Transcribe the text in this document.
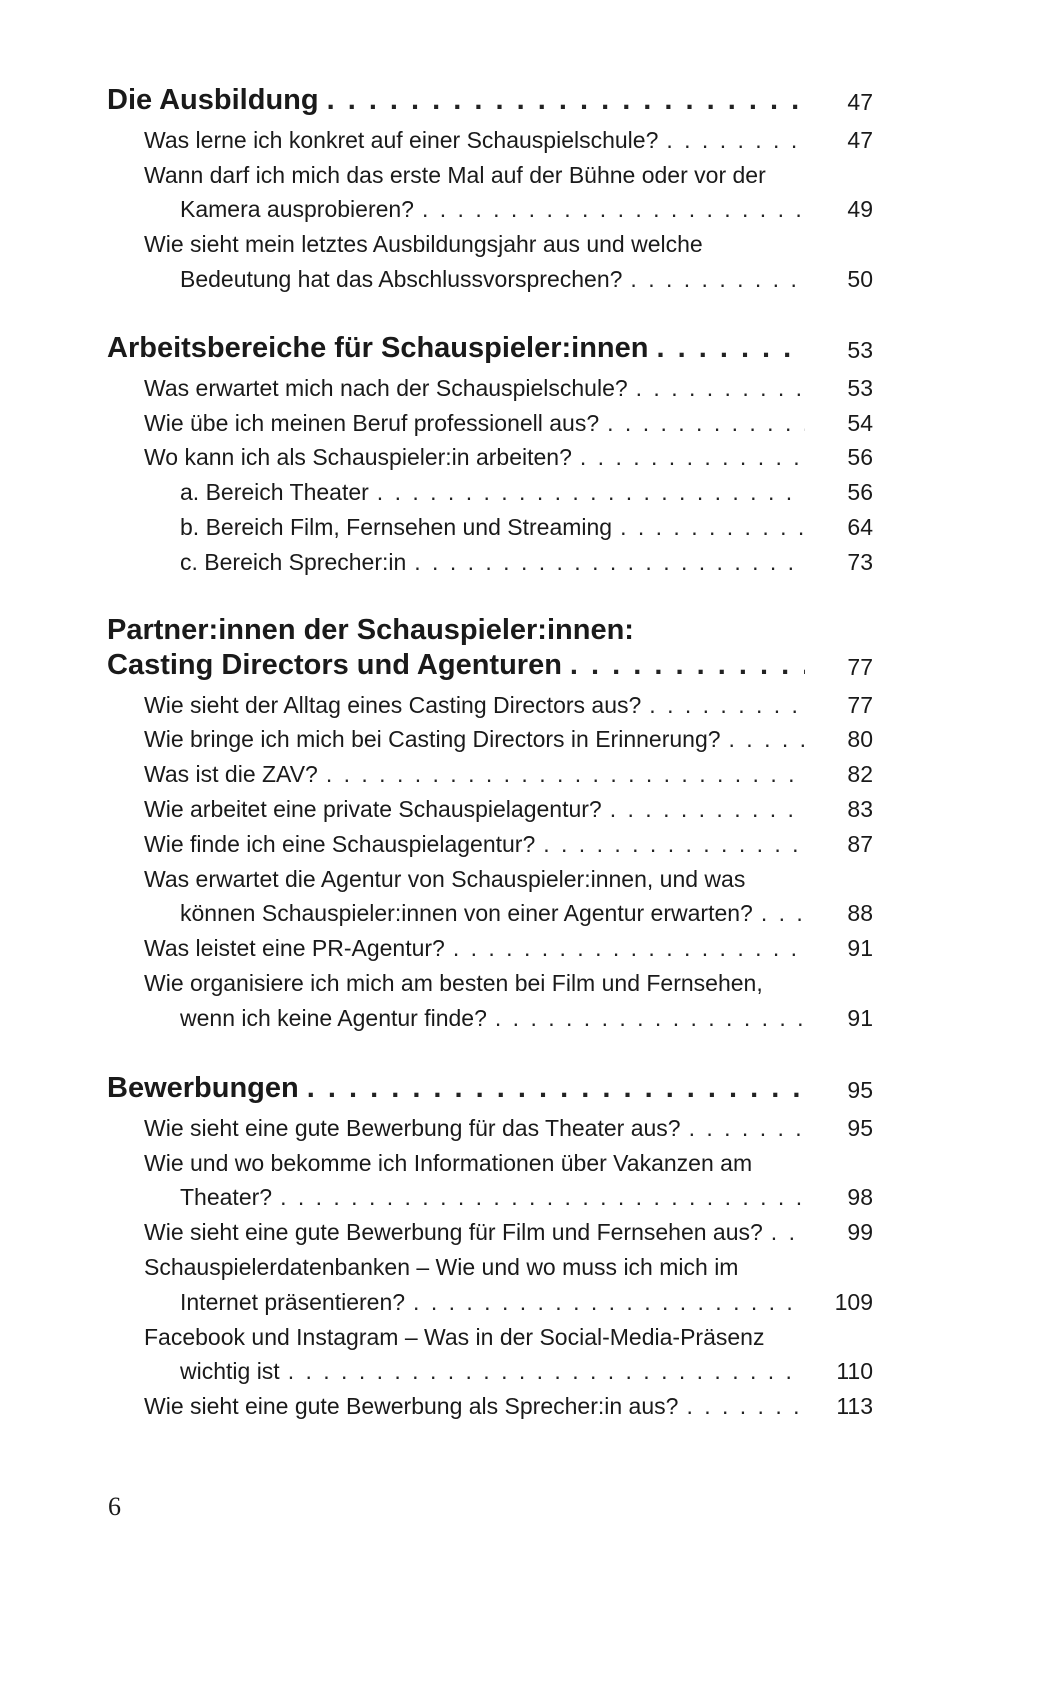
Die Ausbildung . . .	47
Was lerne ich konkret auf einer Schauspielschule? . . .	47
Wann darf ich mich das erste Mal auf der Bühne oder vor der
Kamera ausprobieren? . . .	49
Wie sieht mein letztes Ausbildungsjahr aus und welche
Bedeutung hat das Abschlussvorsprechen? . . .	50
Arbeitsbereiche für Schauspieler:innen . . .	53
Was erwartet mich nach der Schauspielschule? . . .	53
Wie übe ich meinen Beruf professionell aus? . . .	54
Wo kann ich als Schauspieler:in arbeiten? . . .	56
a. Bereich Theater . . .	56
b. Bereich Film, Fernsehen und Streaming . . .	64
c. Bereich Sprecher:in . . .	73
Partner:innen der Schauspieler:innen:
Casting Directors und Agenturen . . .	77
Wie sieht der Alltag eines Casting Directors aus? . . .	77
Wie bringe ich mich bei Casting Directors in Erinnerung? . . .	80
Was ist die ZAV? . . .	82
Wie arbeitet eine private Schauspielagentur? . . .	83
Wie finde ich eine Schauspielagentur? . . .	87
Was erwartet die Agentur von Schauspieler:innen, und was
können Schauspieler:innen von einer Agentur erwarten? . . .	88
Was leistet eine PR-Agentur? . . .	91
Wie organisiere ich mich am besten bei Film und Fernsehen,
wenn ich keine Agentur finde? . . .	91
Bewerbungen . . .	95
Wie sieht eine gute Bewerbung für das Theater aus? . . .	95
Wie und wo bekomme ich Informationen über Vakanzen am
Theater? . . .	98
Wie sieht eine gute Bewerbung für Film und Fernsehen aus? . . .	99
Schauspielerdatenbanken – Wie und wo muss ich mich im
Internet präsentieren? . . .	109
Facebook und Instagram – Was in der Social-Media-Präsenz
wichtig ist . . .	110
Wie sieht eine gute Bewerbung als Sprecher:in aus? . . .	113
6
